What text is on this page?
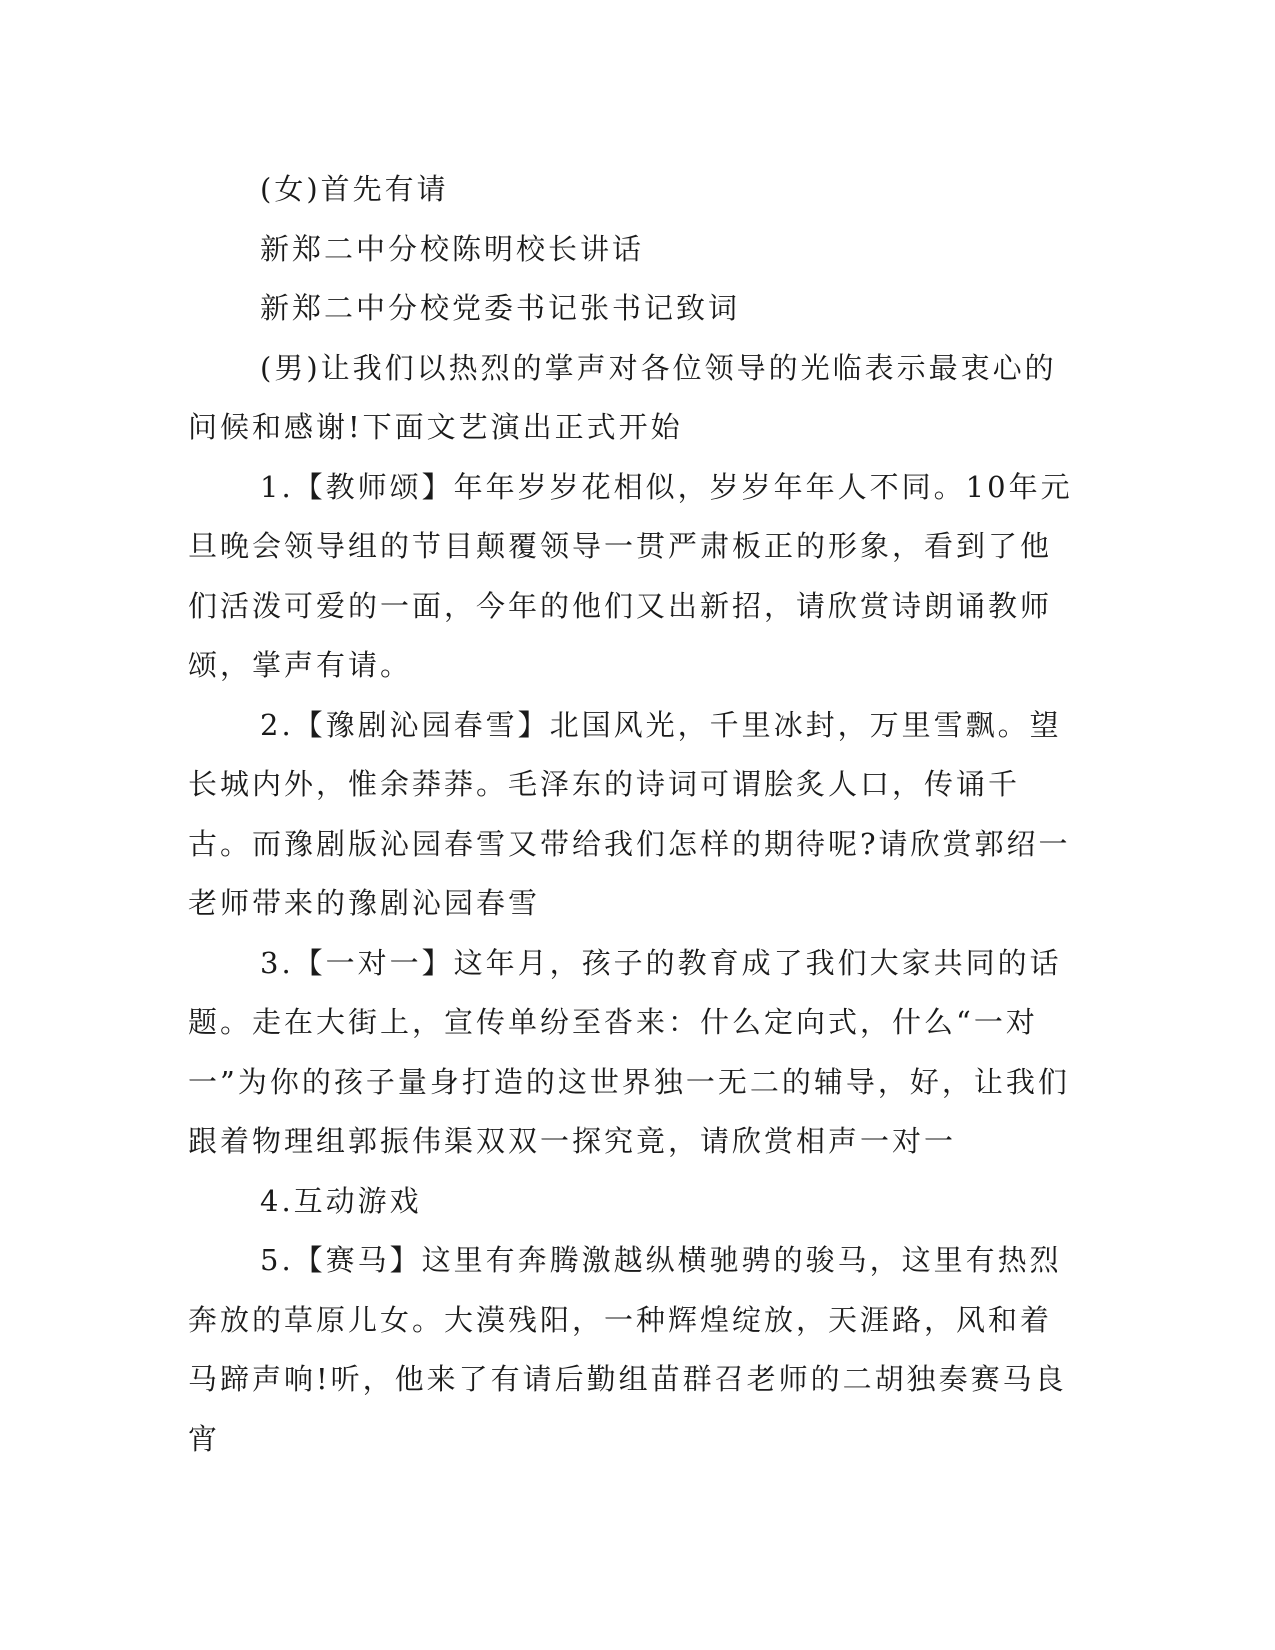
(女)首先有请

新郑二中分校陈明校长讲话

新郑二中分校党委书记张书记致词

(男)让我们以热烈的掌声对各位领导的光临表示最衷心的问候和感谢!下面文艺演出正式开始

1.【教师颂】年年岁岁花相似，岁岁年年人不同。10年元旦晚会领导组的节目颠覆领导一贯严肃板正的形象，看到了他们活泼可爱的一面，今年的他们又出新招，请欣赏诗朗诵教师颂，掌声有请。

2.【豫剧沁园春雪】北国风光，千里冰封，万里雪飘。望长城内外，惟余莽莽。毛泽东的诗词可谓脍炙人口，传诵千古。而豫剧版沁园春雪又带给我们怎样的期待呢?请欣赏郭绍一老师带来的豫剧沁园春雪

3.【一对一】这年月，孩子的教育成了我们大家共同的话题。走在大街上，宣传单纷至沓来：什么定向式，什么“一对一”为你的孩子量身打造的这世界独一无二的辅导，好，让我们跟着物理组郭振伟渠双双一探究竟，请欣赏相声一对一

4.互动游戏

5.【赛马】这里有奔腾激越纵横驰骋的骏马，这里有热烈奔放的草原儿女。大漠残阳，一种辉煌绽放，天涯路，风和着马蹄声响!听，他来了有请后勤组苗群召老师的二胡独奏赛马良宵
